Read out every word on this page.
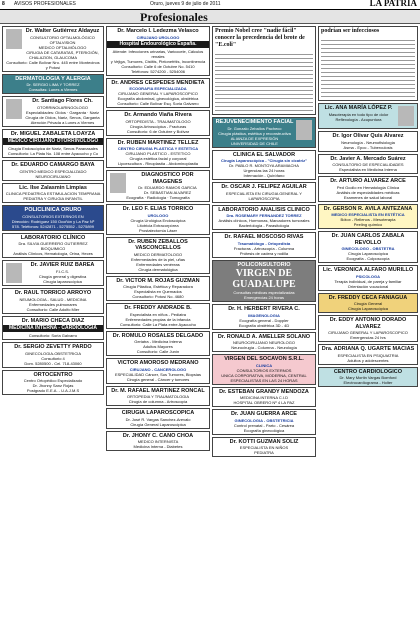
8 AVISOS PROFESIONALES	Oruro, jueves 9 de julio de 2011	LA PATRIA
Profesionales
Dr. Walter Gutiérrez Aldayuz
CONSULTORIO OFTALMOLÓGICO OFTALVISION
MEDICO OFTALMÓLOGO
CIRUGIA DE CATARATAS, PTERIGIÓN, CHALAZION, GLAUCOMA
Consultorio: Calle Bolívar Nro. 445 entre Montecinos y Potosí
DERMATOLOGIA Y ALERGIA
Dr. SERGIO LIMA Y TORREZ
Consultas: Lunes a Viernes
Dr. Santiago Flores Ch.
OTORRINOLARINGOLOGO
Especialidades: Oídos · Garganta · Nariz
Cirugía de Oídos, Nariz, Senos, Garganta
Atención Privada a Lunes a Viernes
Dr. MIGUEL ZABALETA LOAYZA
MEDICO CIRUJANO OTORRINOLOGO
Cirugía Endoscópica de Nariz, Senos Paranasales
Consultorio: La Plata No. 108 entre Ayacucho y Co
Dr. EDUARDO CAMARGO BAYA
CENTRO MEDICO ESPECIALIZADO
NEUROCIRUJANO
Lic. Ilse Zalasmin Limpias
CLINICA PEDIATRICA ESTIMULACION TEMPRANA
PEDIATRA Y CIRUGIA INFANTIL
POLICLINICA ORURO
CONSULTORIOS EXTERNOS EN
Dirección: Rodríguez 150 Ocoñón y La Paz Nº
578. Teléfonos: 5242871 - 5275552 - 5275899
LABORATORIO CLÍNICO
Dra. SILVIA GUERRERO GUTIERREZ
BIOQUIMICO
Análisis Clínicos, Hematología, Orina, Heces
Dr. JAVIER RUIZ BAREA
F.I.C.S.
Cirugía general y digestiva
Cirugía laparoscópica
Dr. RAUL TORRICO ARROYO
NEUMOLOGIA - SALUD - MEDICINA
Enfermedades pulmonares
Consultorio: Calle Adolfo Mier
Dr. MARIO CHECA DIAZ
MEDICINA INTERNA - CARDIOLOGIA
Consultorio: Soria Galvarro
Dr. SERGIO ZEVETTY PARDO
GINECOLOGIA-OBSTETRICIA
Consultorio 4
Dom. 5280500 - Cel. 718-43060
ORTOCENTRO
Centro Ortopédico Especializado
Dr. Jhonny Sanz Rojas
Postgrado E.E.A. - U.A.J.M.S
Dr. Marcelo I. Ledezma Velasco
CIRUJANO UROLOGO
Hospital Endourológico España.
Atiende: Infecciones urinarias, Varicocele, Cálculos renales
y Vejiga, Tumores, Cistitis, Pielonefritis, Incontinencia
Consultorio: Calle 6 de Octubre No. 5410
Teléfonos: 5274200 - 5254006
Dr. ANDRES CESPEDES MENDIETA
ECOGRAFIA ESPECIALIZADA
CIRUJANO GENERAL Y LAPAROSCOPICO
Ecografía abdominal, ginecológica, obstétrica
Consultorio: Calle Bolívar Esq. Soria Galvarro
Dr. Armando Viaña Rivera
ORTOPEDISTA - TRAUMATOLOGO
Cirugía Artroscópica - Fracturas
Consultorio: 6 de Octubre y Bolívar
Dr. RUBEN MARTINEZ TELLEZ
CENTRO CIRUGIA PLASTICA Y ESTETICA
CIRUJANO PLASTICO - ESTETICO
Cirugía estética facial y corporal
Lipoescultura - Rinoplastia - Abdominoplastia
DIAGNOSTICO POR IMAGENES
Dr. EDUARDO RAMOS GARCIA
Dr. SEBASTIAN ALVAREZ
Ecografía · Radiología · Tomografía
Dr. LEO F. ELIAS TORRICO
UROLOGO
Cirugía Urológica Endoscópica
Litotricia Extracorpórea
Prostatectomía Láser
Dr. RUBEN ZEBALLOS VASCONCELLOS
MEDICO DERMATOLOGO
Enfermedades de la piel, uñas
Enfermedades venéreas
Cirugía dermatológica
Dr. VICTOR M. ROJAS GUZMAN
Cirugía Plástica, Estética y Reparadora
Especialista en Quemados
Consultorio: Potosí No. 4680
Dr. FREDDY ANDRADE B.
Especialista en niños - Pediatra
Enfermedades propias de la infancia
Consultorio: Calle La Plata entre Ayacucho
Dr. ROMULO ROSALES DELGADO
Geriatra - Medicina Interna
Adultos Mayores
Consultorio: Calle Junín
VICTOR AMOROSO MEDRANO
CIRUJANO - CANCEROLOGO
ESPECIALIDAD Cáncer, Sus Tumores, Biopsias
Cirugía general - Cáncer y tumores
Dr. M. RAFAEL MARTINEZ RONCAL
ORTOPEDIA Y TRAUMATOLOGIA
Cirugía de columna - Artroscopía
CIRUGIA LAPAROSCOPICA
Dr. José R. Vargas Sanchez-Arevalo
Cirugía General Laparoscópica
Dr. JHONY C. CANO CHOA
MEDICO INTERNISTA
Medicina Interna - Diabetes
Premio Nobel cree "nadie fácil" conocer la precedencia del brote de "E.coli"
REJUVENECIMIENTO FACIAL
Dr. Gonzalo Zeballos Pacheco
Cirugía plástica, estética y reconstructiva
ALIANZA DE EXPRESIÓN
UNIVERSIDAD DE CHILE
CLINICA EL SALVADOR
Cirugía Laparoscópica - "Cirugía sin cicatriz"
Dr. PABLO R. MONTOYA ARAMIACHA
Urgencias las 24 horas
Internación - Quirófano
Dr. OSCAR J. FELIPEZ AGUILAR
ESPECIALISTA EN CIRUGIA GENERAL Y LAPAROSCOPIA
LABORATORIO ANALISIS CLINICO
Dra. ROSEMARY FERNANDEZ TORREZ
Análisis clínicos, Hormonas, Marcadores tumorales
Bacteriología - Parasitología
Dr. RAFAEL MOSCOSO RIVAS
Traumatólogo - Ortopedista
Fracturas - Artroscopía - Columna
Prótesis de cadera y rodilla
POLICONSULTORIO
VIRGEN DE GUADALUPE
Consultas médicas especializadas
Emergencias 24 horas
Dr. H. HERBERT RIVERA C.
IMAGENOLOGIA
Ecografía general - Doppler
Ecografía obstétrica 3D - 4D
Dr. RONALD A. AMELLER SOLANO
NEUROCIRUJANO NEUROLOGO
Neurocirugía - Columna - Neurología
VIRGEN DEL SOCAVON S.R.L.
CLINICA
CONSULTORIOS EXTERNOS
UNICA CORPORATIVA, MODERNA, CENTRAL
ESPECIALISTAS EN LAS 24 HORAS
Dr. ESTEBAN GRANDY MENDOZA
MEDICINA INTERNA C.I.D
HOSPITAL OBRERO Nº 4 LA PAZ
Dr. JUAN GUERRA ARCE
GINECOLOGIA - OBSTETRICIA
Control prenatal - Parto - Cesárea
Ecografía ginecológica
Dr. KOTTI GUZMAN SOLIZ
ESPECIALISTA EN NIÑOS
PEDIATRA
podrían ser infecciosos
Lic. ANA MARÍA LÓPEZ P.
Masoterapia en todo tipo de dolor
Reflexología - Acupuntura
Dr. Igor Olivar Quis Alvarez
Neumología - Neumofisiología
Asma - Epoc - Tuberculosis
Dr. Javier A. Mercado Suárez
CONSULTORIO DE ESPECIALIDADES
Especialista en Medicina Interna
Dr. ARTURO ALVAREZ ARCE
Ped Gcollo en Hematología Clínica
Análisis de especialidades médicas
Examenes de salud laboral
Dr. GERSON R. AVILA ANTEZANA
MEDICO ESPECIALISTA EN ESTÉTICA
Bótox - Rellenos - Mesoterapia
Peeling químico
Dr. JUAN CARLOS ZABALA REVOLLO
GINECOLOGO - OBSTETRA
Cirugía Laparoscópica
Ecografía - Colposcopía
Lic. VERONICA ALFARO MURILLO
PSICOLOGA
Terapia individual, de pareja y familiar
Orientación vocacional
Dr. FREDDY CECA FANIAGUA
Cirugía General
Cirugía Laparoscópica
Dr. EDDY ANTONIO DORADO ALVAREZ
CIRUJANO GENERAL Y LAPAROSCOPICO
Emergencias 24 hrs
Dra. ADRIANA Q. UGARTE MACIAS
ESPECIALISTA EN PSIQUIATRIA
Adultos y adolescentes
CENTRO CARDIOLOGICO
Dr. Mary Mortin Vargas Bomford
Electrocardiograma - Holter
